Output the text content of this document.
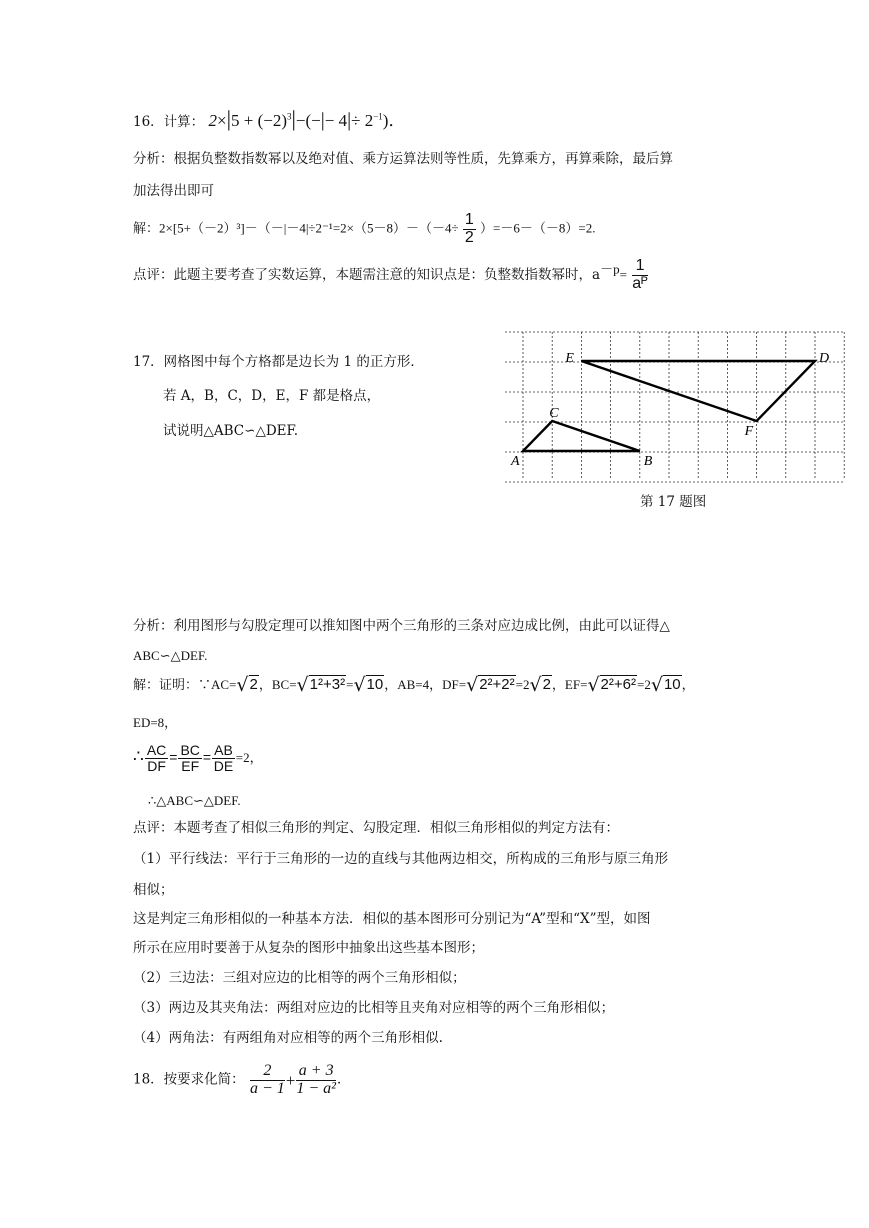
16．计算： $2\times|5 + (-2)^3|-(-|- 4|\div 2^{-1})$．
分析：根据负整数指数幂以及绝对值、乘方运算法则等性质，先算乘方，再算乘除，最后算
加法得出即可
解：$2\times[5+(-2)^3]-(-|-4|\div 2^{-1}=2\times(5-8)-(-4\div \frac{1}{2} )=-6-(-8)=2$.
点评：此题主要考查了实数运算，本题需注意的知识点是：负整数指数幂时，$a^{-p}= \frac{1}{\text{aᴾ}}$
17．网格图中每个方格都是边长为 1 的正方形．
若 A，B，C，D，E，F 都是格点，
试说明△ABC∽△DEF.
A	B
C
D
E
F
第 17 题图
分析：利用图形与勾股定理可以推知图中两个三角形的三条对应边成比例，由此可以证得△
ABC∽△DEF.
解：证明：∵AC=√2，BC=√1²+3²=√10，AB=4，DF=√2²+2²=2√2，EF=√2²+6²=2√10，
ED=8，
∴ $\frac{AC}{DF} = \frac{BC}{EF} = \frac{AB}{DE} =2$，
∴△ABC∽△DEF.
点评：本题考查了相似三角形的判定、勾股定理．相似三角形相似的判定方法有：
（1）平行线法：平行于三角形的一边的直线与其他两边相交，所构成的三角形与原三角形
相似；
这是判定三角形相似的一种基本方法．相似的基本图形可分别记为“A”型和“X”型，如图
所示在应用时要善于从复杂的图形中抽象出这些基本图形；
（2）三边法：三组对应边的比相等的两个三角形相似；
（3）两边及其夹角法：两组对应边的比相等且夹角对应相等的两个三角形相似；
（4）两角法：有两组角对应相等的两个三角形相似.
18．按要求化简： $\frac{2}{a - 1} + \frac{a + 3}{\text{1 − a²}}$ ．
